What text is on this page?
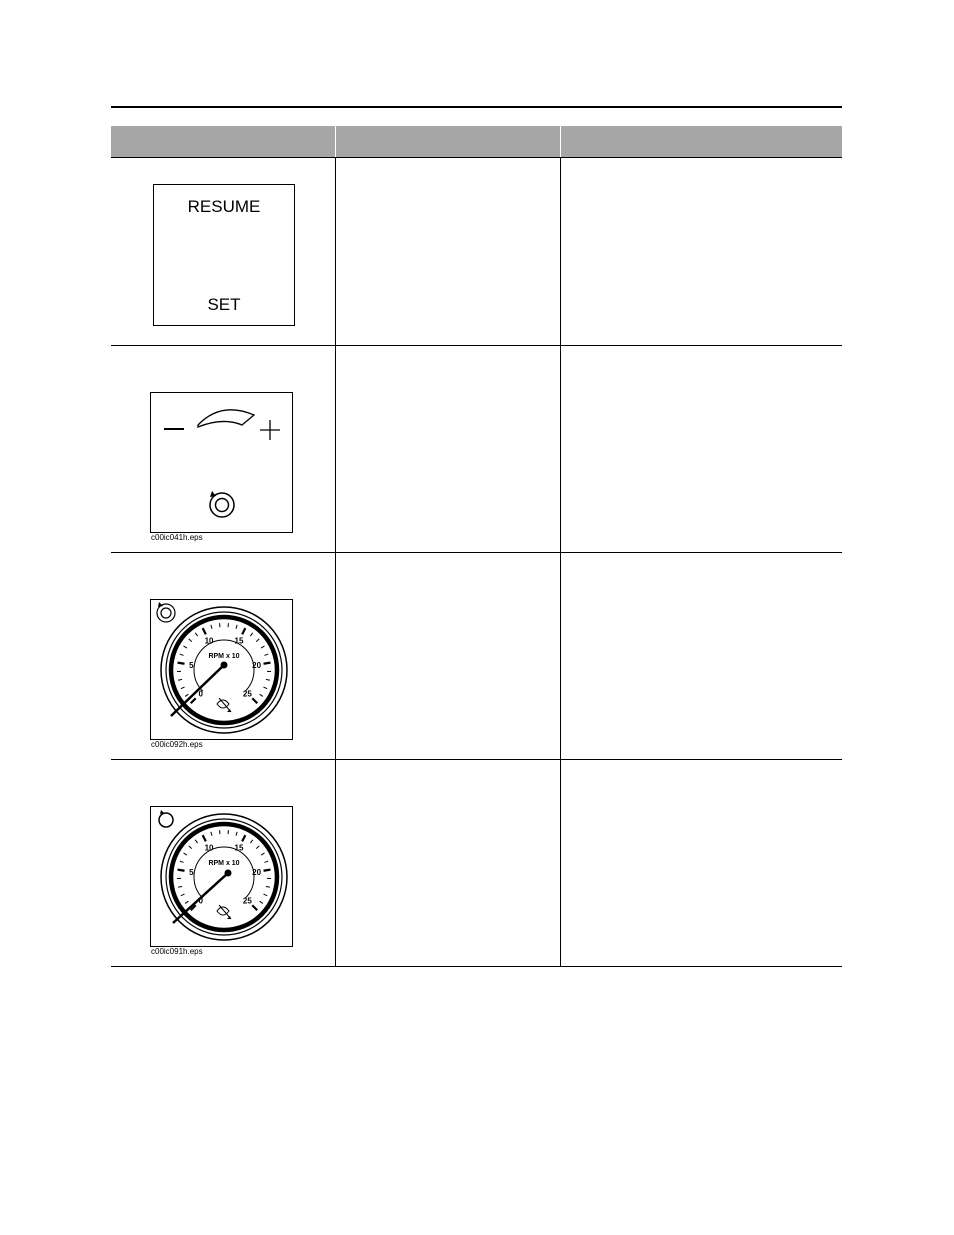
RESUME
SET
c00ic041h.eps
0
5
10	15
20
25
RPM x 10
c00ic092h.eps
0
5
10	15
20
25
RPM x 10
c00ic091h.eps
